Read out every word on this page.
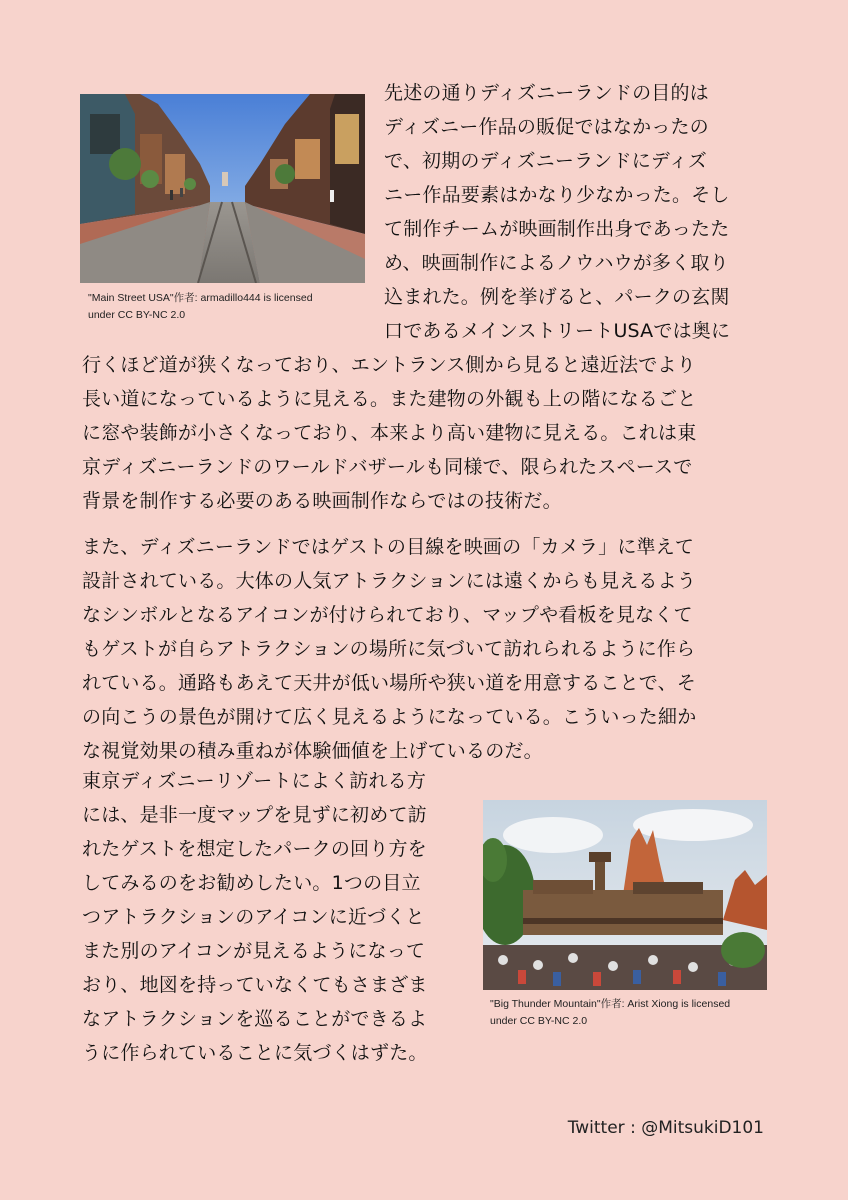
"Main Street USA"作者: armadillo444 is licensed
under CC BY-NC 2.0
先述の通りディズニーランドの目的は
ディズニー作品の販促ではなかったの
で、初期のディズニーランドにディズ
ニー作品要素はかなり少なかった。そし
て制作チームが映画制作出身であったた
め、映画制作によるノウハウが多く取り
込まれた。例を挙げると、パークの玄関
口であるメインストリートUSAでは奥に
行くほど道が狭くなっており、エントランス側から見ると遠近法でより
長い道になっているように見える。また建物の外観も上の階になるごと
に窓や装飾が小さくなっており、本来より高い建物に見える。これは東
京ディズニーランドのワールドバザールも同様で、限られたスペースで
背景を制作する必要のある映画制作ならではの技術だ。
また、ディズニーランドではゲストの目線を映画の「カメラ」に準えて
設計されている。大体の人気アトラクションには遠くからも見えるよう
なシンボルとなるアイコンが付けられており、マップや看板を見なくて
もゲストが自らアトラクションの場所に気づいて訪れられるように作ら
れている。通路もあえて天井が低い場所や狭い道を用意することで、そ
の向こうの景色が開けて広く見えるようになっている。こういった細か
な視覚効果の積み重ねが体験価値を上げているのだ。
東京ディズニーリゾートによく訪れる方
には、是非一度マップを見ずに初めて訪
れたゲストを想定したパークの回り方を
してみるのをお勧めしたい。1つの目立
つアトラクションのアイコンに近づくと
また別のアイコンが見えるようになって
おり、地図を持っていなくてもさまざま
なアトラクションを巡ることができるよ
うに作られていることに気づくはずた。
"Big Thunder Mountain"作者: Arist Xiong is licensed
under CC BY-NC 2.0
Twitter : @MitsukiD101
